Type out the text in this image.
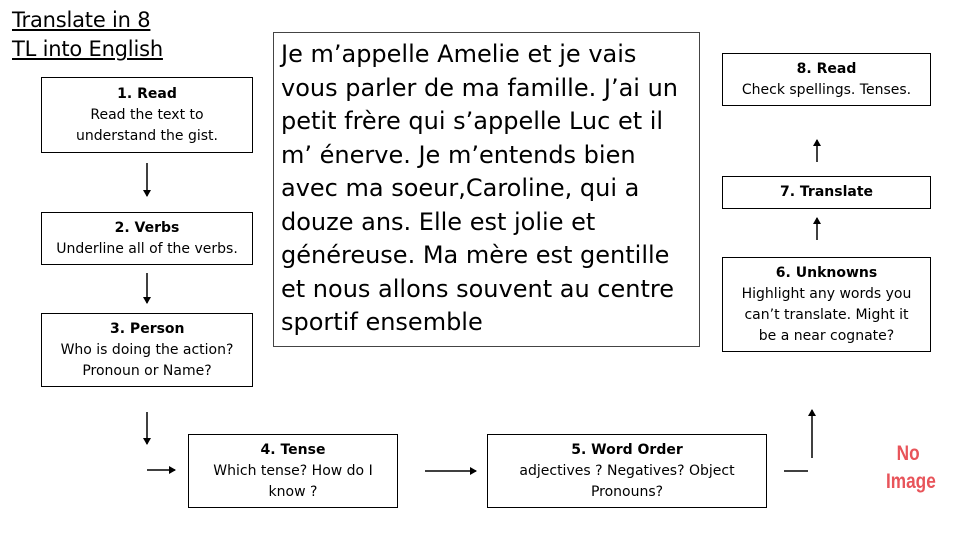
Translate in 8
TL into English
1. Read
Read the text to understand the gist.
2. Verbs
Underline all of the verbs.
3. Person
Who is doing the action?
Pronoun or Name?
4. Tense
Which tense? How do I know ?
5. Word Order
adjectives ? Negatives? Object Pronouns?
6. Unknowns
Highlight any words you can’t translate. Might it be a near cognate?
7. Translate
8. Read
Check spellings. Tenses.
Je m’appelle Amelie et je vais vous parler de ma famille. J’ai un petit frère qui s’appelle Luc et il m’ énerve. Je m’entends bien avec ma soeur,Caroline, qui a douze ans. Elle est jolie et généreuse. Ma mère est gentille et nous allons souvent au centre sportif ensemble
No
Image
